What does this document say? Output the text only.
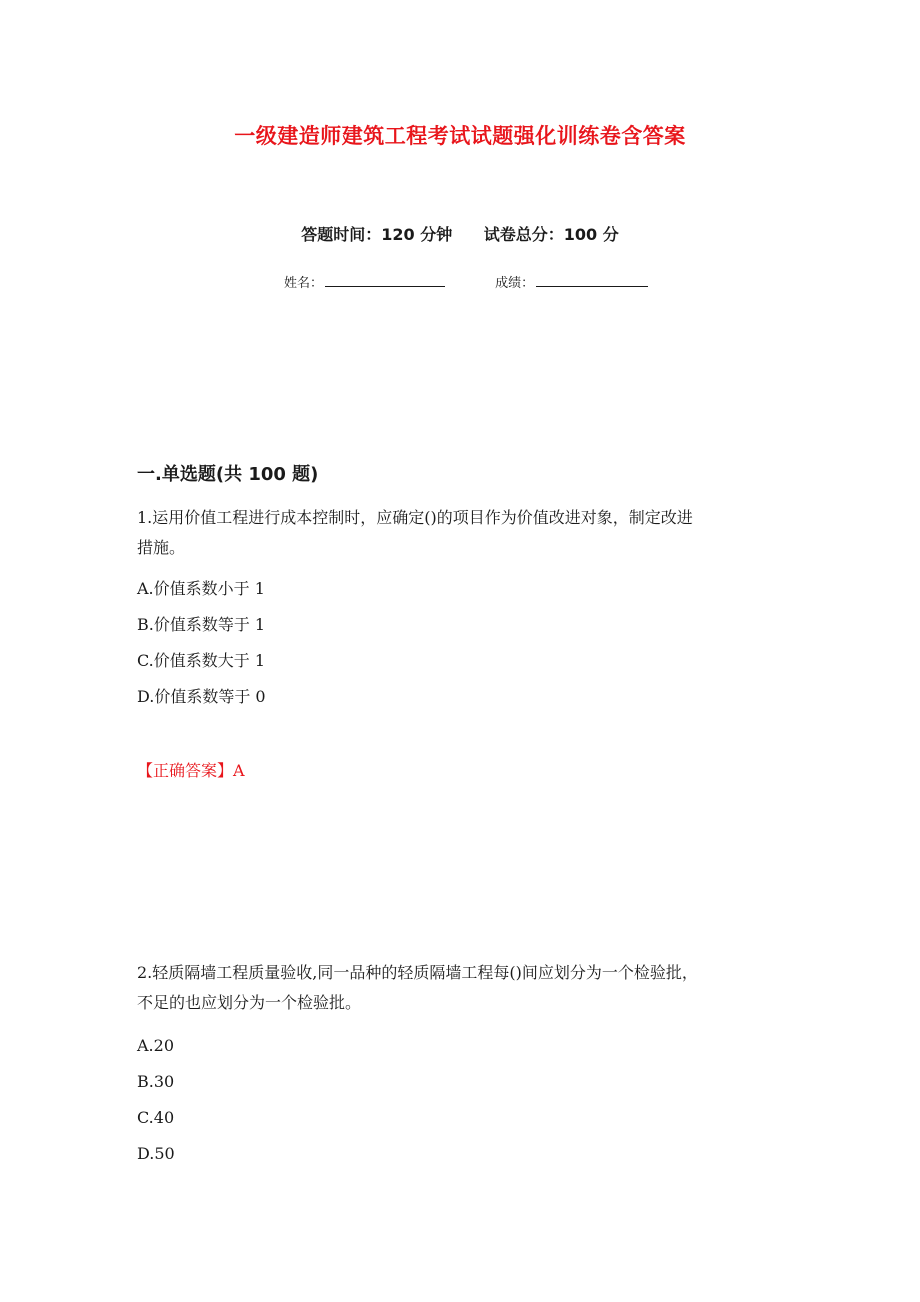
一级建造师建筑工程考试试题强化训练卷含答案
答题时间：120 分钟 试卷总分：100 分
姓名：	成绩：
一.单选题(共 100 题)
1.运用价值工程进行成本控制时，应确定()的项目作为价值改进对象，制定改进
措施。
A.价值系数小于 1
B.价值系数等于 1
C.价值系数大于 1
D.价值系数等于 0
【正确答案】A
2.轻质隔墙工程质量验收,同一品种的轻质隔墙工程每()间应划分为一个检验批，
不足的也应划分为一个检验批。
A.20
B.30
C.40
D.50
